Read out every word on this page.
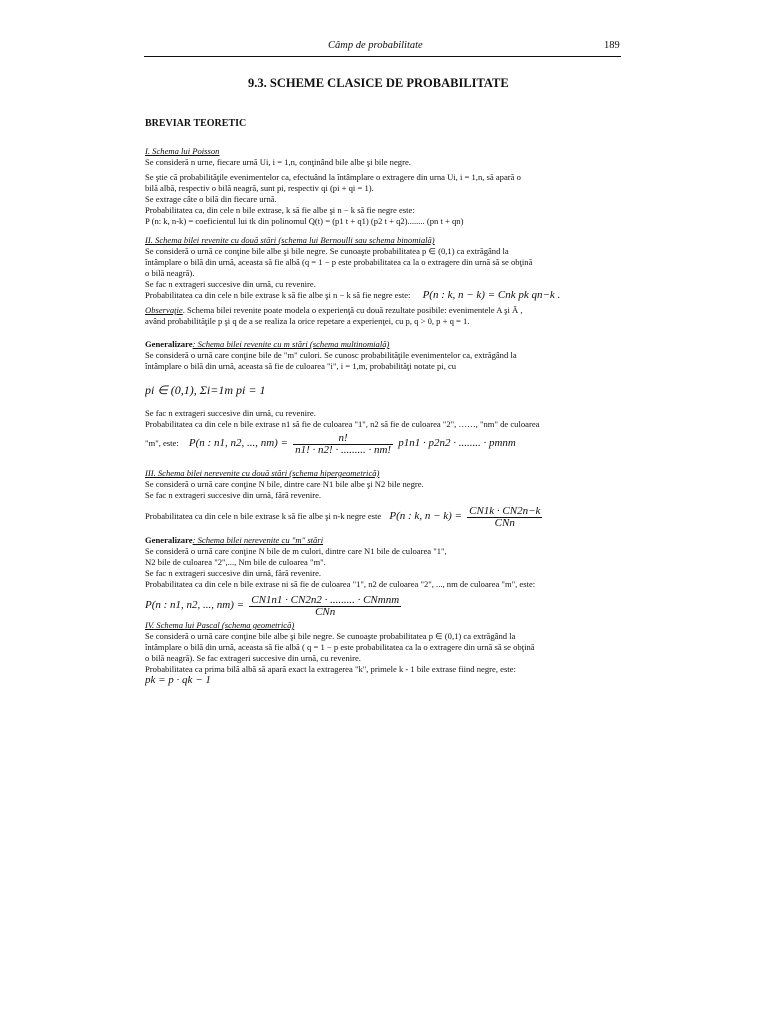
Câmp de probabilitate	189
9.3. SCHEME CLASICE DE PROBABILITATE
BREVIAR TEORETIC
I. Schema lui Poisson
Se consideră n urne, fiecare urnă Ui, i = 1,n, conţinând bile albe şi bile negre.
Se ştie că probabilităţile evenimentelor ca, efectuând la întâmplare o extragere din urna Ui, i = 1,n, să apară o
bilă albă, respectiv o bilă neagră, sunt pi, respectiv qi (pi + qi = 1).
Se extrage câte o bilă din fiecare urnă.
Probabilitatea ca, din cele n bile extrase, k să fie albe şi n − k să fie negre este:
P (n: k, n-k) = coeficientul lui tk din polinomul Q(t) = (p1 t + q1) (p2 t + q2)........ (pn t + qn)
II. Schema bilei revenite cu două stări (schema lui Bernoulli sau schema binomială)
Se consideră o urnă ce conţine bile albe şi bile negre. Se cunoaşte probabilitatea p ∈ (0,1) ca extrăgând la
întâmplare o bilă din urnă, aceasta să fie albă (q = 1 − p este probabilitatea ca la o extragere din urnă să se obţină
o bilă neagră).
Se fac n extrageri succesive din urnă, cu revenire.
Probabilitatea ca din cele n bile extrase k să fie albe şi n − k să fie negre este: P(n : k, n − k) = Cnk pk qn−k .
Observaţie. Schema bilei revenite poate modela o experienţă cu două rezultate posibile: evenimentele A şi Ā ,
având probabilităţile p şi q de a se realiza la orice repetare a experienţei, cu p, q > 0, p + q = 1.
Generalizare: Schema bilei revenite cu m stări (schema multinomială)
Se consideră o urnă care conţine bile de "m" culori. Se cunosc probabilităţile evenimentelor ca, extrăgând la
întâmplare o bilă din urnă, aceasta să fie de culoarea "i", i = 1,m, probabilităţi notate pi, cu
pi ∈ (0,1), Σi=1m pi = 1
Se fac n extrageri succesive din urnă, cu revenire.
Probabilitatea ca din cele n bile extrase n1 să fie de culoarea "1", n2 să fie de culoarea "2", ……, "nm" de culoarea
"m", este: P(n : n1, n2, ..., $nm) = \frac{n!}{n1! \cdot n2! \cdot ......... \cdot nm!} p1n1 \cdot p2n2$ · ........ · pmnm
III. Schema bilei nerevenite cu două stări (schema hipergeometrică)
Se consideră o urnă care conţine N bile, dintre care N1 bile albe şi N2 bile negre.
Se fac n extrageri succesive din urnă, fără revenire.
Probabilitatea ca din cele n bile extrase k să fie albe şi n-k negre este P(n : k, $n - k) = \frac{CN1k \cdot CN2n-k}{\text{CNn}}$
Generalizare: Schema bilei nerevenite cu "m" stări
Se consideră o urnă care conţine N bile de m culori, dintre care N1 bile de culoarea "1",
N2 bile de culoarea "2",..., Nm bile de culoarea "m".
Se fac n extrageri succesive din urnă, fără revenire.
Probabilitatea ca din cele n bile extrase ni să fie de culoarea "1", n2 de culoarea "2", ..., nm de culoarea "m", este:
P(n : n1, n2, ..., $nm) = \frac{\text{CN1n1 · CN2n2 · ......... · CNmnm}}{\text{CNn}}$
IV. Schema lui Pascal (schema geometrică)
Se consideră o urnă care conţine bile albe şi bile negre. Se cunoaşte probabilitatea p ∈ (0,1) ca extrăgând la
întâmplare o bilă din urnă, aceasta să fie albă ( q = 1 − p este probabilitatea ca la o extragere din urnă să se obţină
o bilă neagră). Se fac extrageri succesive din urnă, cu revenire.
Probabilitatea ca prima bilă albă să apară exact la extragerea "k", primele k - 1 bile extrase fiind negre, este:
pk = p · qk − 1
